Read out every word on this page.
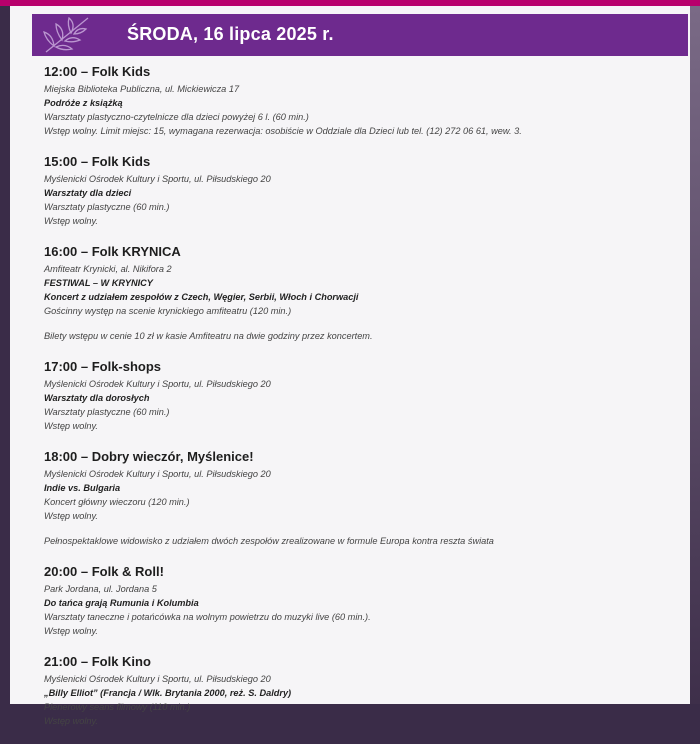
ŚRODA, 16 lipca 2025 r.
12:00 – Folk Kids
Miejska Biblioteka Publiczna, ul. Mickiewicza 17
Podróże z książką
Warsztaty plastyczno-czytelnicze dla dzieci powyżej 6 l. (60 min.)
Wstęp wolny. Limit miejsc: 15, wymagana rezerwacja: osobiście w Oddziale dla Dzieci lub tel. (12) 272 06 61, wew. 3.
15:00 – Folk Kids
Myślenicki Ośrodek Kultury i Sportu, ul. Piłsudskiego 20
Warsztaty dla dzieci
Warsztaty plastyczne (60 min.)
Wstęp wolny.
16:00 – Folk KRYNICA
Amfiteatr Krynicki, al. Nikifora 2
FESTIWAL – W KRYNICY
Koncert z udziałem zespołów z Czech, Węgier, Serbii, Włoch i Chorwacji
Gościnny występ na scenie krynickiego amfiteatru (120 min.)
Bilety wstępu w cenie 10 zł w kasie Amfiteatru na dwie godziny przez koncertem.
17:00 – Folk-shops
Myślenicki Ośrodek Kultury i Sportu, ul. Piłsudskiego 20
Warsztaty dla dorosłych
Warsztaty plastyczne (60 min.)
Wstęp wolny.
18:00 – Dobry wieczór, Myślenice!
Myślenicki Ośrodek Kultury i Sportu, ul. Piłsudskiego 20
Indie vs. Bulgaria
Koncert główny wieczoru (120 min.)
Wstęp wolny.
Pełnospektaklowe widowisko z udziałem dwóch zespołów zrealizowane w formule Europa kontra reszta świata
20:00 – Folk & Roll!
Park Jordana, ul. Jordana 5
Do tańca grają Rumunia i Kolumbia
Warsztaty taneczne i potańcówka na wolnym powietrzu do muzyki live (60 min.).
Wstęp wolny.
21:00 – Folk Kino
Myślenicki Ośrodek Kultury i Sportu, ul. Piłsudskiego 20
„Billy Elliot” (Francja / Wlk. Brytania 2000, reż. S. Daldry)
Plenerowy seans filmowy (110 min.)
Wstęp wolny.
